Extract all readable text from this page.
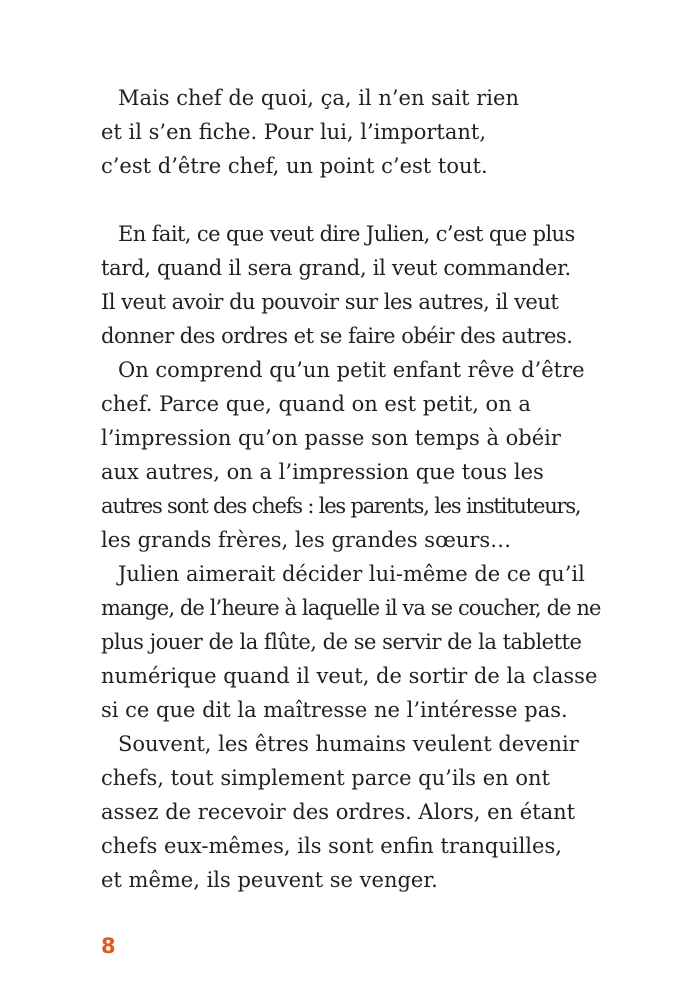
Mais chef de quoi, ça, il n’en sait rien
et il s’en fiche. Pour lui, l’important,
c’est d’être chef, un point c’est tout.
En fait, ce que veut dire Julien, c’est que plus
tard, quand il sera grand, il veut commander.
Il veut avoir du pouvoir sur les autres, il veut
donner des ordres et se faire obéir des autres.
On comprend qu’un petit enfant rêve d’être
chef. Parce que, quand on est petit, on a
l’impression qu’on passe son temps à obéir
aux autres, on a l’impression que tous les
autres sont des chefs : les parents, les instituteurs,
les grands frères, les grandes sœurs…
Julien aimerait décider lui-même de ce qu’il
mange, de l’heure à laquelle il va se coucher, de ne
plus jouer de la flûte, de se servir de la tablette
numérique quand il veut, de sortir de la classe
si ce que dit la maîtresse ne l’intéresse pas.
Souvent, les êtres humains veulent devenir
chefs, tout simplement parce qu’ils en ont
assez de recevoir des ordres. Alors, en étant
chefs eux-mêmes, ils sont enfin tranquilles,
et même, ils peuvent se venger.
8
